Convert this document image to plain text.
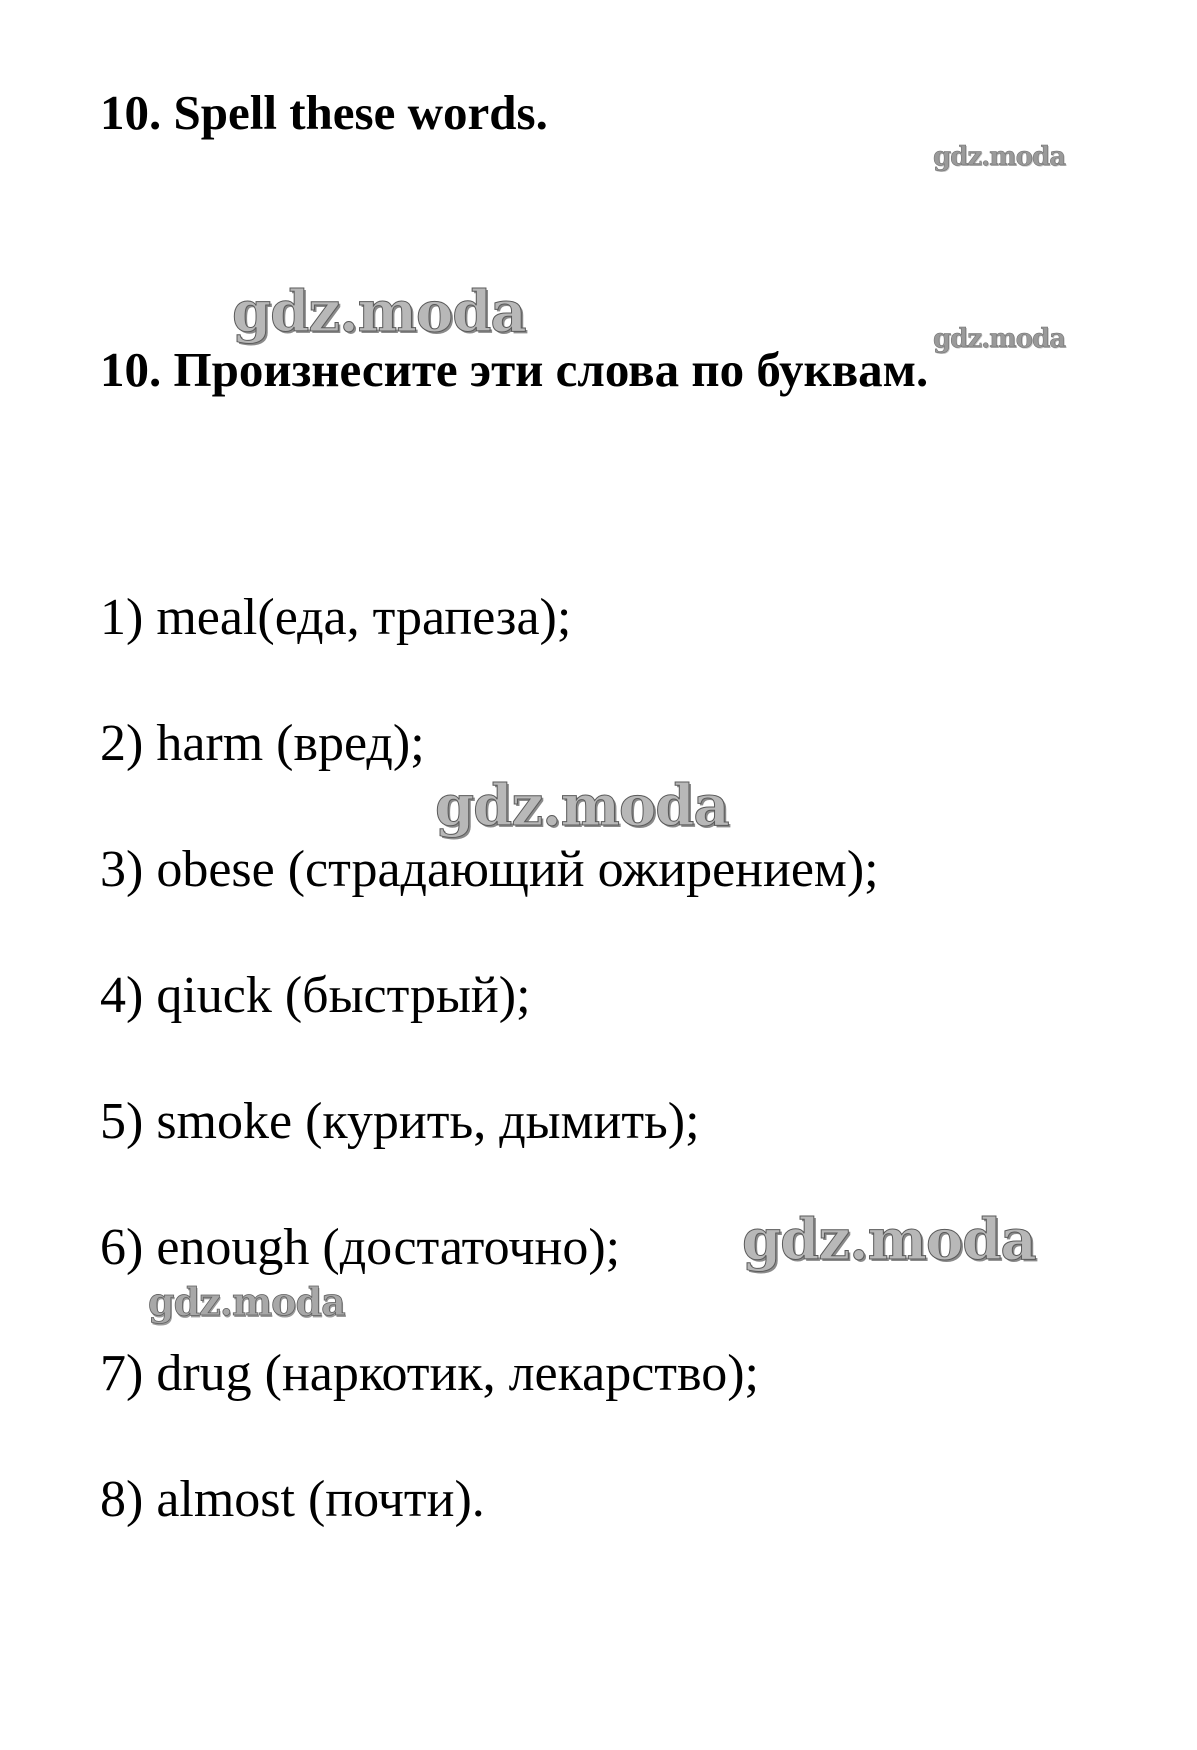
10. Spell these words.
gdz.moda
gdz.moda	gdz.moda
10. Произнесите эти слова по буквам.
1) meal(еда, трапеза);
2) harm (вред);
gdz.moda
3) obese (страдающий ожирением);
4) qiuck (быстрый);
5) smoke (курить, дымить);
6) enough (достаточно); gdz.moda
gdz.moda
7) drug (наркотик, лекарство);
8) almost (почти).
